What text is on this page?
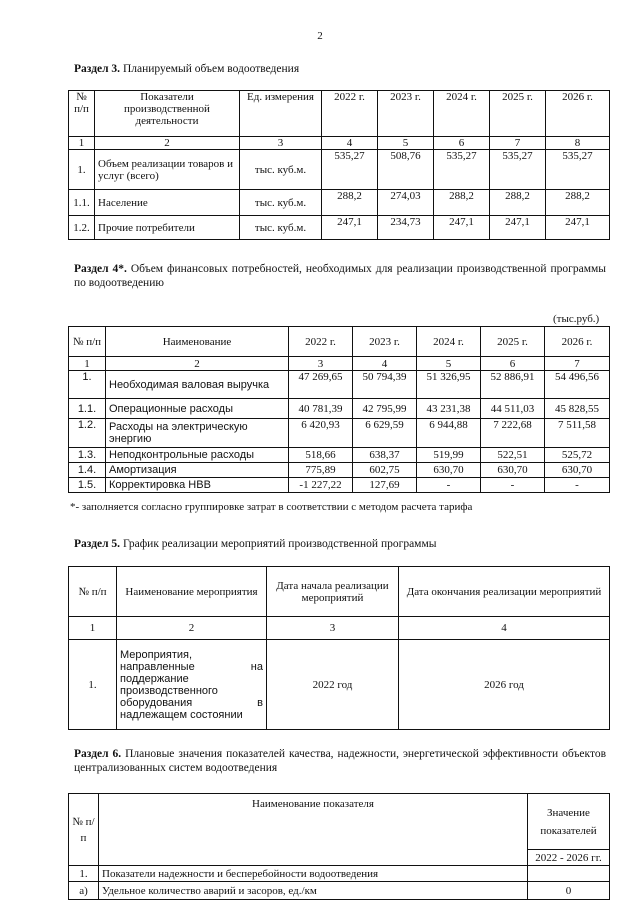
2
Раздел 3. Планируемый объем водоотведения
№ п/п	Показатели производственной деятельности	Ед. измерения	2022 г.	2023 г.	2024 г.	2025 г.	2026 г.
1	2	3	4	5	6	7	8
1.	Объем реализации товаров и услуг (всего)	тыс. куб.м.	535,27	508,76	535,27	535,27	535,27
1.1.	Население	тыс. куб.м.	288,2	274,03	288,2	288,2	288,2
1.2.	Прочие потребители	тыс. куб.м.	247,1	234,73	247,1	247,1	247,1
Раздел 4*. Объем финансовых потребностей, необходимых для реализации производственной программы по водоотведению
(тыс.руб.)
№ п/п	Наименование	2022 г.	2023 г.	2024 г.	2025 г.	2026 г.
1	2	3	4	5	6	7
1.	Необходимая валовая выручка	47 269,65	50 794,39	51 326,95	52 886,91	54 496,56
1.1.	Операционные расходы	40 781,39	42 795,99	43 231,38	44 511,03	45 828,55
1.2.	Расходы на электрическую энергию	6 420,93	6 629,59	6 944,88	7 222,68	7 511,58
1.3.	Неподконтрольные расходы	518,66	638,37	519,99	522,51	525,72
1.4.	Амортизация	775,89	602,75	630,70	630,70	630,70
1.5.	Корректировка НВВ	-1 227,22	127,69	-	-	-
*- заполняется согласно группировке затрат в соответствии с методом расчета тарифа
Раздел 5. График реализации мероприятий производственной программы
№ п/п	Наименование мероприятия	Дата начала реализации мероприятий	Дата окончания реализации мероприятий
1	2	3	4
1.	Мероприятия, направленные на поддержание производственного оборудования в надлежащем состоянии	2022 год	2026 год
Раздел 6. Плановые значения показателей качества, надежности, энергетической эффективности объектов централизованных систем водоотведения
№ п/ п	Наименование показателя	Значение показателей
		2022 - 2026 гг.
1.	Показатели надежности и бесперебойности водоотведения	
а)	Удельное количество аварий и засоров, ед./км	0
